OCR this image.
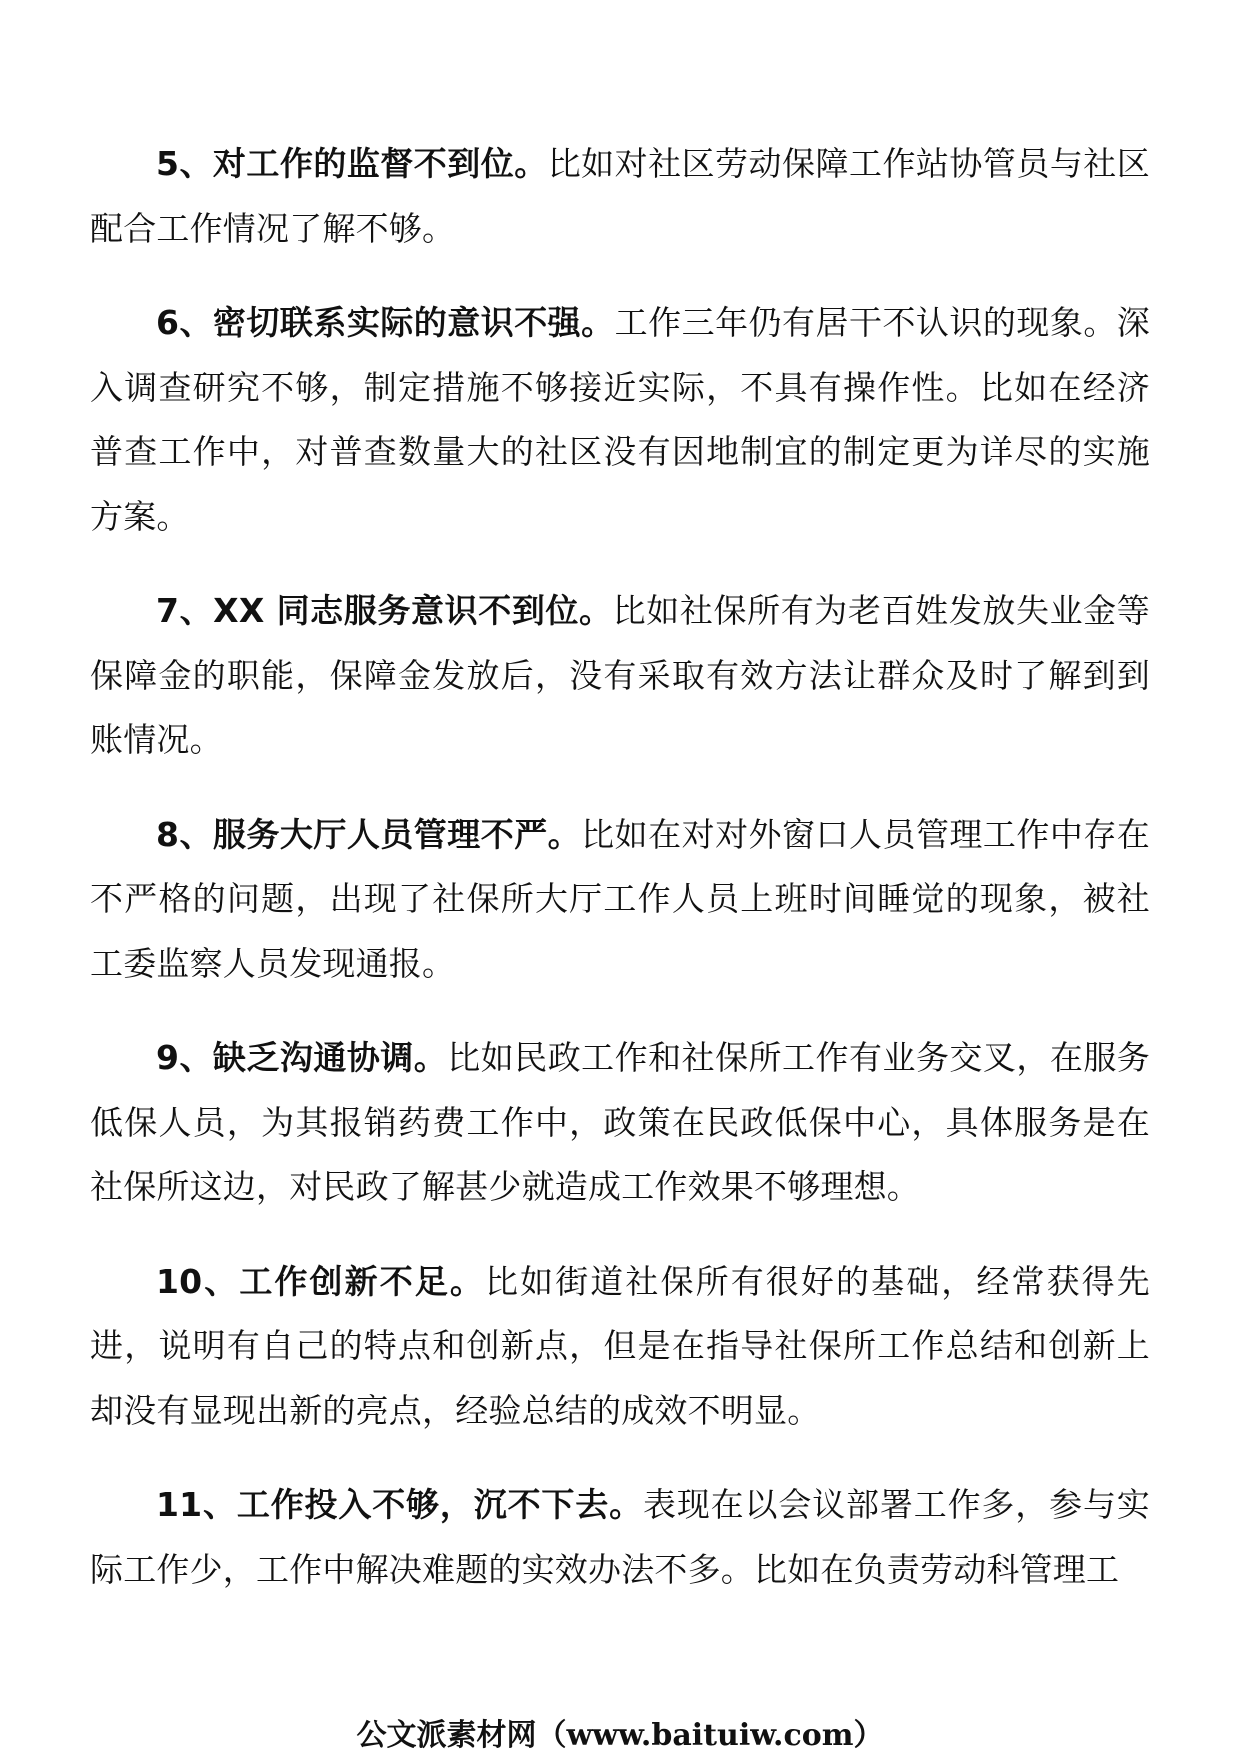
5、对工作的监督不到位。比如对社区劳动保障工作站协管员与社区配合工作情况了解不够。

6、密切联系实际的意识不强。工作三年仍有居干不认识的现象。深入调查研究不够，制定措施不够接近实际，不具有操作性。比如在经济普查工作中，对普查数量大的社区没有因地制宜的制定更为详尽的实施方案。

7、XX 同志服务意识不到位。比如社保所有为老百姓发放失业金等保障金的职能，保障金发放后，没有采取有效方法让群众及时了解到到账情况。

8、服务大厅人员管理不严。比如在对对外窗口人员管理工作中存在不严格的问题，出现了社保所大厅工作人员上班时间睡觉的现象，被社工委监察人员发现通报。

9、缺乏沟通协调。比如民政工作和社保所工作有业务交叉，在服务低保人员，为其报销药费工作中，政策在民政低保中心，具体服务是在社保所这边，对民政了解甚少就造成工作效果不够理想。

10、工作创新不足。比如街道社保所有很好的基础，经常获得先进，说明有自己的特点和创新点，但是在指导社保所工作总结和创新上却没有显现出新的亮点，经验总结的成效不明显。

11、工作投入不够，沉不下去。表现在以会议部署工作多，参与实际工作少，工作中解决难题的实效办法不多。比如在负责劳动科管理工

公文派素材网（www.baituiw.com）
